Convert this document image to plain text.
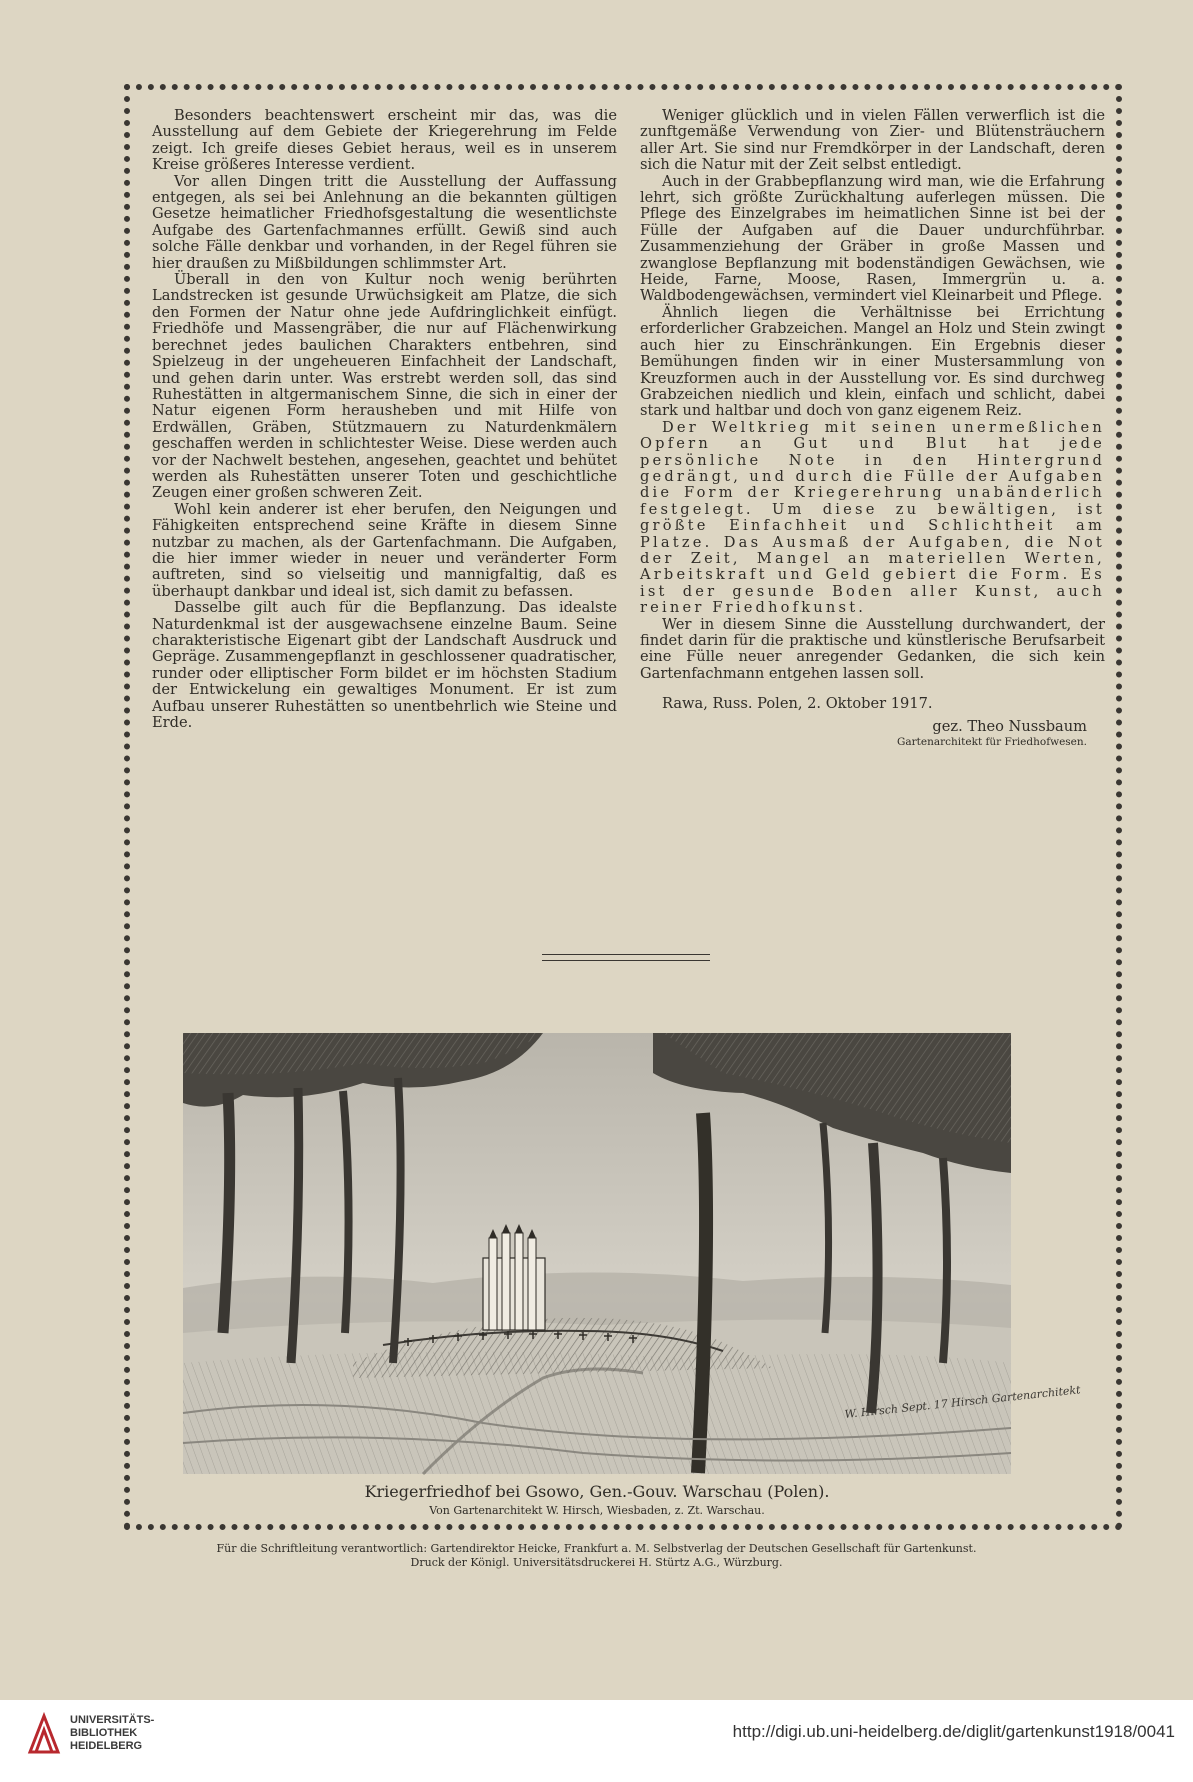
Besonders beachtenswert erscheint mir das, was die Ausstellung auf dem Gebiete der Kriegerehrung im Felde zeigt. Ich greife dieses Gebiet heraus, weil es in unserem Kreise größeres Interesse verdient.

Vor allen Dingen tritt die Ausstellung der Auffassung entgegen, als sei bei Anlehnung an die bekannten gültigen Gesetze heimatlicher Friedhofsgestaltung die wesentlichste Aufgabe des Gartenfachmannes erfüllt. Gewiß sind auch solche Fälle denkbar und vorhanden, in der Regel führen sie hier draußen zu Mißbildungen schlimmster Art.

Überall in den von Kultur noch wenig berührten Landstrecken ist gesunde Urwüchsigkeit am Platze, die sich den Formen der Natur ohne jede Aufdringlichkeit einfügt. Friedhöfe und Massengräber, die nur auf Flächenwirkung berechnet jedes baulichen Charakters entbehren, sind Spielzeug in der ungeheueren Einfachheit der Landschaft, und gehen darin unter. Was erstrebt werden soll, das sind Ruhestätten in altgermanischem Sinne, die sich in einer der Natur eigenen Form herausheben und mit Hilfe von Erdwällen, Gräben, Stützmauern zu Naturdenkmälern geschaffen werden in schlichtester Weise. Diese werden auch vor der Nachwelt bestehen, angesehen, geachtet und behütet werden als Ruhestätten unserer Toten und geschichtliche Zeugen einer großen schweren Zeit.

Wohl kein anderer ist eher berufen, den Neigungen und Fähigkeiten entsprechend seine Kräfte in diesem Sinne nutzbar zu machen, als der Gartenfachmann. Die Aufgaben, die hier immer wieder in neuer und veränderter Form auftreten, sind so vielseitig und mannigfaltig, daß es überhaupt dankbar und ideal ist, sich damit zu befassen.

Dasselbe gilt auch für die Bepflanzung. Das idealste Naturdenkmal ist der ausgewachsene einzelne Baum. Seine charakteristische Eigenart gibt der Landschaft Ausdruck und Gepräge. Zusammengepflanzt in geschlossener quadratischer, runder oder elliptischer Form bildet er im höchsten Stadium der Entwickelung ein gewaltiges Monument. Er ist zum Aufbau unserer Ruhestätten so unentbehrlich wie Steine und Erde.

Weniger glücklich und in vielen Fällen verwerflich ist die zunftgemäße Verwendung von Zier- und Blütensträuchern aller Art. Sie sind nur Fremdkörper in der Landschaft, deren sich die Natur mit der Zeit selbst entledigt.

Auch in der Grabbepflanzung wird man, wie die Erfahrung lehrt, sich größte Zurückhaltung auferlegen müssen. Die Pflege des Einzelgrabes im heimatlichen Sinne ist bei der Fülle der Aufgaben auf die Dauer undurchführbar. Zusammenziehung der Gräber in große Massen und zwanglose Bepflanzung mit bodenständigen Gewächsen, wie Heide, Farne, Moose, Rasen, Immergrün u. a. Waldbodengewächsen, vermindert viel Kleinarbeit und Pflege.

Ähnlich liegen die Verhältnisse bei Errichtung erforderlicher Grabzeichen. Mangel an Holz und Stein zwingt auch hier zu Einschränkungen. Ein Ergebnis dieser Bemühungen finden wir in einer Mustersammlung von Kreuzformen auch in der Ausstellung vor. Es sind durchweg Grabzeichen niedlich und klein, einfach und schlicht, dabei stark und haltbar und doch von ganz eigenem Reiz.

Der Weltkrieg mit seinen unermeßlichen Opfern an Gut und Blut hat jede persönliche Note in den Hintergrund gedrängt, und durch die Fülle der Aufgaben die Form der Kriegerehrung unabänderlich festgelegt. Um diese zu bewältigen, ist größte Einfachheit und Schlichtheit am Platze. Das Ausmaß der Aufgaben, die Not der Zeit, Mangel an materiellen Werten, Arbeitskraft und Geld gebiert die Form. Es ist der gesunde Boden aller Kunst, auch reiner Friedhofkunst.

Wer in diesem Sinne die Ausstellung durchwandert, der findet darin für die praktische und künstlerische Berufsarbeit eine Fülle neuer anregender Gedanken, die sich kein Gartenfachmann entgehen lassen soll.

Rawa, Russ. Polen, 2. Oktober 1917.

gez. Theo Nussbaum

Gartenarchitekt für Friedhofwesen.

W. Hirsch Sept. 17 Hirsch Gartenarchitekt
Kriegerfriedhof bei Gsowo, Gen.-Gouv. Warschau (Polen).
Von Gartenarchitekt W. Hirsch, Wiesbaden, z. Zt. Warschau.
Für die Schriftleitung verantwortlich: Gartendirektor Heicke, Frankfurt a. M. Selbstverlag der Deutschen Gesellschaft für Gartenkunst.
Druck der Königl. Universitätsdruckerei H. Stürtz A.G., Würzburg.
UNIVERSITÄTS-
BIBLIOTHEK
HEIDELBERG
http://digi.ub.uni-heidelberg.de/diglit/gartenkunst1918/0041
